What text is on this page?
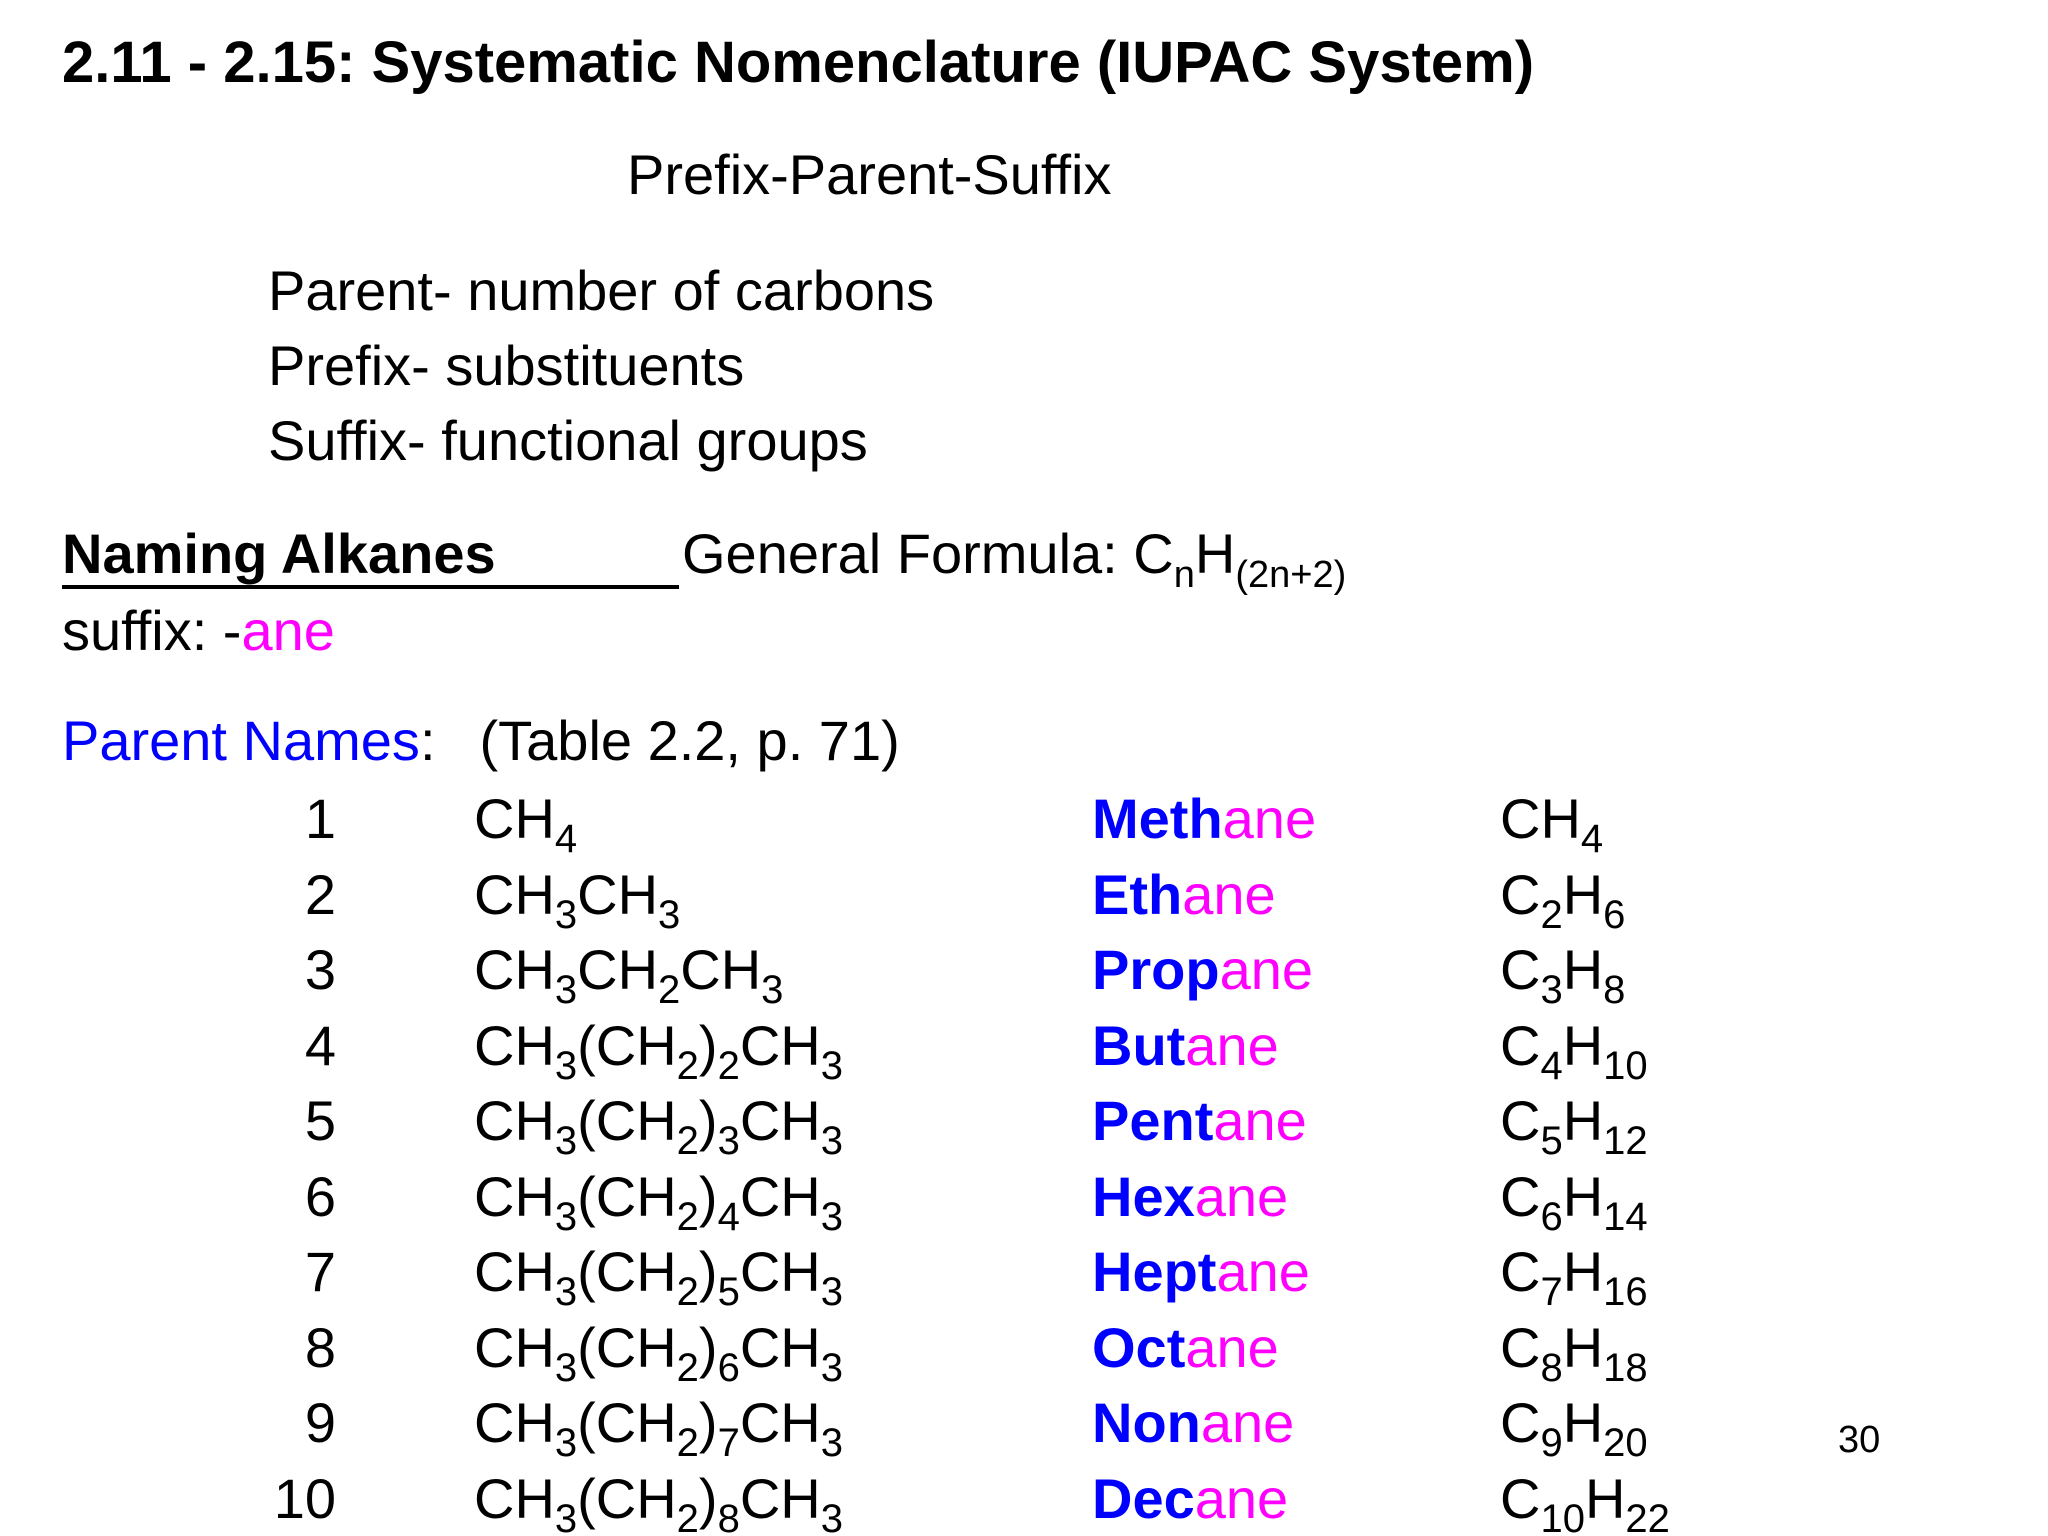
2.11 - 2.15: Systematic Nomenclature (IUPAC System)
Prefix-Parent-Suffix
Parent- number of carbons
Prefix- substituents
Suffix- functional groups
Naming Alkanes	General Formula: $C_nH_{(2n+2)}$
suffix: -ane
Parent Names: (Table 2.2, p. 71)
1 $CH_4$	Methane	$CH_4$
2 $CH_3CH_3$	Ethane	$C_2H_6$
3 $CH_3CH_2CH_3$	Propane	$C_3H_8$
4 $CH_3(CH_2)_2CH_3$	Butane	$C_4H_{10}$
5 $CH_3(CH_2)_3CH_3$	Pentane	$C_5H_{12}$
6 $CH_3(CH_2)_4CH_3$	Hexane	$C_6H_{14}$
7 $CH_3(CH_2)_5CH_3$	Heptane	$C_7H_{16}$
8 $CH_3(CH_2)_6CH_3$	Octane	$C_8H_{18}$
9 $CH_3(CH_2)_7CH_3$	Nonane	$C_9H_{20}$
10 $CH_3(CH_2)_8CH_3$	Decane	$C_{10}H_{22}$
30
